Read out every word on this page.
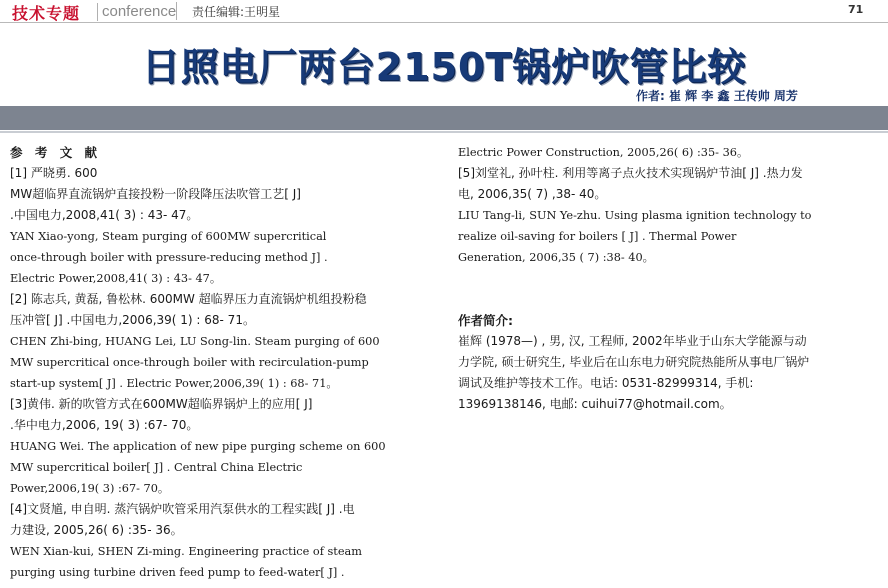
技术专题	conference 责任编辑:王明星	71
日照电厂两台2150T锅炉吹管比较
作者: 崔 辉 李 鑫 王传帅 周芳
参 考 文 献
[1] 严晓勇. 600
MW超临界直流锅炉直接投粉一阶段降压法吹管工艺[ J]
.中国电力,2008,41( 3) : 43- 47。
YAN Xiao-yong, Steam purging of 600MW supercritical
once-through boiler with pressure-reducing method J] .
Electric Power,2008,41( 3) : 43- 47。
[2] 陈志兵, 黄磊, 鲁松林. 600MW 超临界压力直流锅炉机组投粉稳
压冲管[ J] .中国电力,2006,39( 1) : 68- 71。
CHEN Zhi-bing, HUANG Lei, LU Song-lin. Steam purging of 600
MW supercritical once-through boiler with recirculation-pump
start-up system[ J] . Electric Power,2006,39( 1) : 68- 71。
[3]黄伟. 新的吹管方式在600MW超临界锅炉上的应用[ J]
.华中电力,2006, 19( 3) :67- 70。
HUANG Wei. The application of new pipe purging scheme on 600
MW supercritical boiler[ J] . Central China Electric
Power,2006,19( 3) :67- 70。
[4]文贤馗, 申自明. 蒸汽锅炉吹管采用汽泵供水的工程实践[ J] .电
力建设, 2005,26( 6) :35- 36。
WEN Xian-kui, SHEN Zi-ming. Engineering practice of steam
purging using turbine driven feed pump to feed-water[ J] .
Electric Power Construction, 2005,26( 6) :35- 36。
[5]刘堂礼, 孙叶柱. 利用等离子点火技术实现锅炉节油[ J] .热力发
电, 2006,35( 7) ,38- 40。
LIU Tang-li, SUN Ye-zhu. Using plasma ignition technology to
realize oil-saving for boilers [ J] . Thermal Power
Generation, 2006,35 ( 7) :38- 40。
作者简介:
崔辉 (1978—) , 男, 汉, 工程师, 2002年毕业于山东大学能源与动
力学院, 硕士研究生, 毕业后在山东电力研究院热能所从事电厂锅炉
调试及维护等技术工作。电话: 0531-82999314, 手机:
13969138146, 电邮: cuihui77@hotmail.com。
